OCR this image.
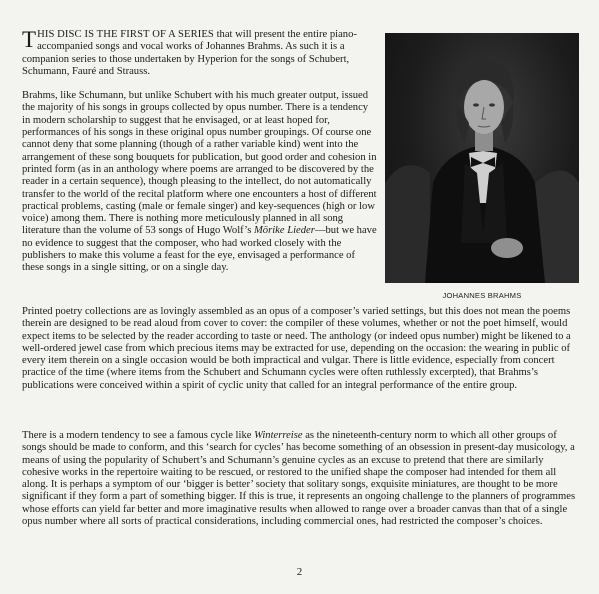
THIS DISC IS THE FIRST OF A SERIES that will present the entire piano-accompanied songs and vocal works of Johannes Brahms. As such it is a companion series to those undertaken by Hyperion for the songs of Schubert, Schumann, Fauré and Strauss.

Brahms, like Schumann, but unlike Schubert with his much greater output, issued the majority of his songs in groups collected by opus number. There is a tendency in modern scholarship to suggest that he envisaged, or at least hoped for, performances of his songs in these original opus number groupings. Of course one cannot deny that some planning (though of a rather variable kind) went into the arrangement of these song bouquets for publication, but good order and cohesion in printed form (as in an anthology where poems are arranged to be discovered by the reader in a certain sequence), though pleasing to the intellect, do not automatically transfer to the world of the recital platform where one encounters a host of different practical problems, casting (male or female singer) and key-sequences (high or low voice) among them. There is nothing more meticulously planned in all song literature than the volume of 53 songs of Hugo Wolf’s Mörike Lieder—but we have no evidence to suggest that the composer, who had worked closely with the publishers to make this volume a feast for the eye, envisaged a performance of these songs in a single sitting, or on a single day.

JOHANNES BRAHMS

Printed poetry collections are as lovingly assembled as an opus of a composer’s varied settings, but this does not mean the poems therein are designed to be read aloud from cover to cover: the compiler of these volumes, whether or not the poet himself, would expect items to be selected by the reader according to taste or need. The anthology (or indeed opus number) might be likened to a well-ordered jewel case from which precious items may be extracted for use, depending on the occasion: the wearing in public of every item therein on a single occasion would be both impractical and vulgar. There is little evidence, especially from concert practice of the time (where items from the Schubert and Schumann cycles were often ruthlessly excerpted), that Brahms’s publications were conceived within a spirit of cyclic unity that called for an integral performance of the entire group.

There is a modern tendency to see a famous cycle like Winterreise as the nineteenth-century norm to which all other groups of songs should be made to conform, and this ‘search for cycles’ has become something of an obsession in present-day musicology, a means of using the popularity of Schubert’s and Schumann’s genuine cycles as an excuse to pretend that there are similarly cohesive works in the repertoire waiting to be rescued, or restored to the unified shape the composer had intended for them all along. It is perhaps a symptom of our ‘bigger is better’ society that solitary songs, exquisite miniatures, are thought to be more significant if they form a part of something bigger. If this is true, it represents an ongoing challenge to the planners of programmes whose efforts can yield far better and more imaginative results when allowed to range over a broader canvas than that of a single opus number where all sorts of practical considerations, including commercial ones, had restricted the composer’s choices.

2
